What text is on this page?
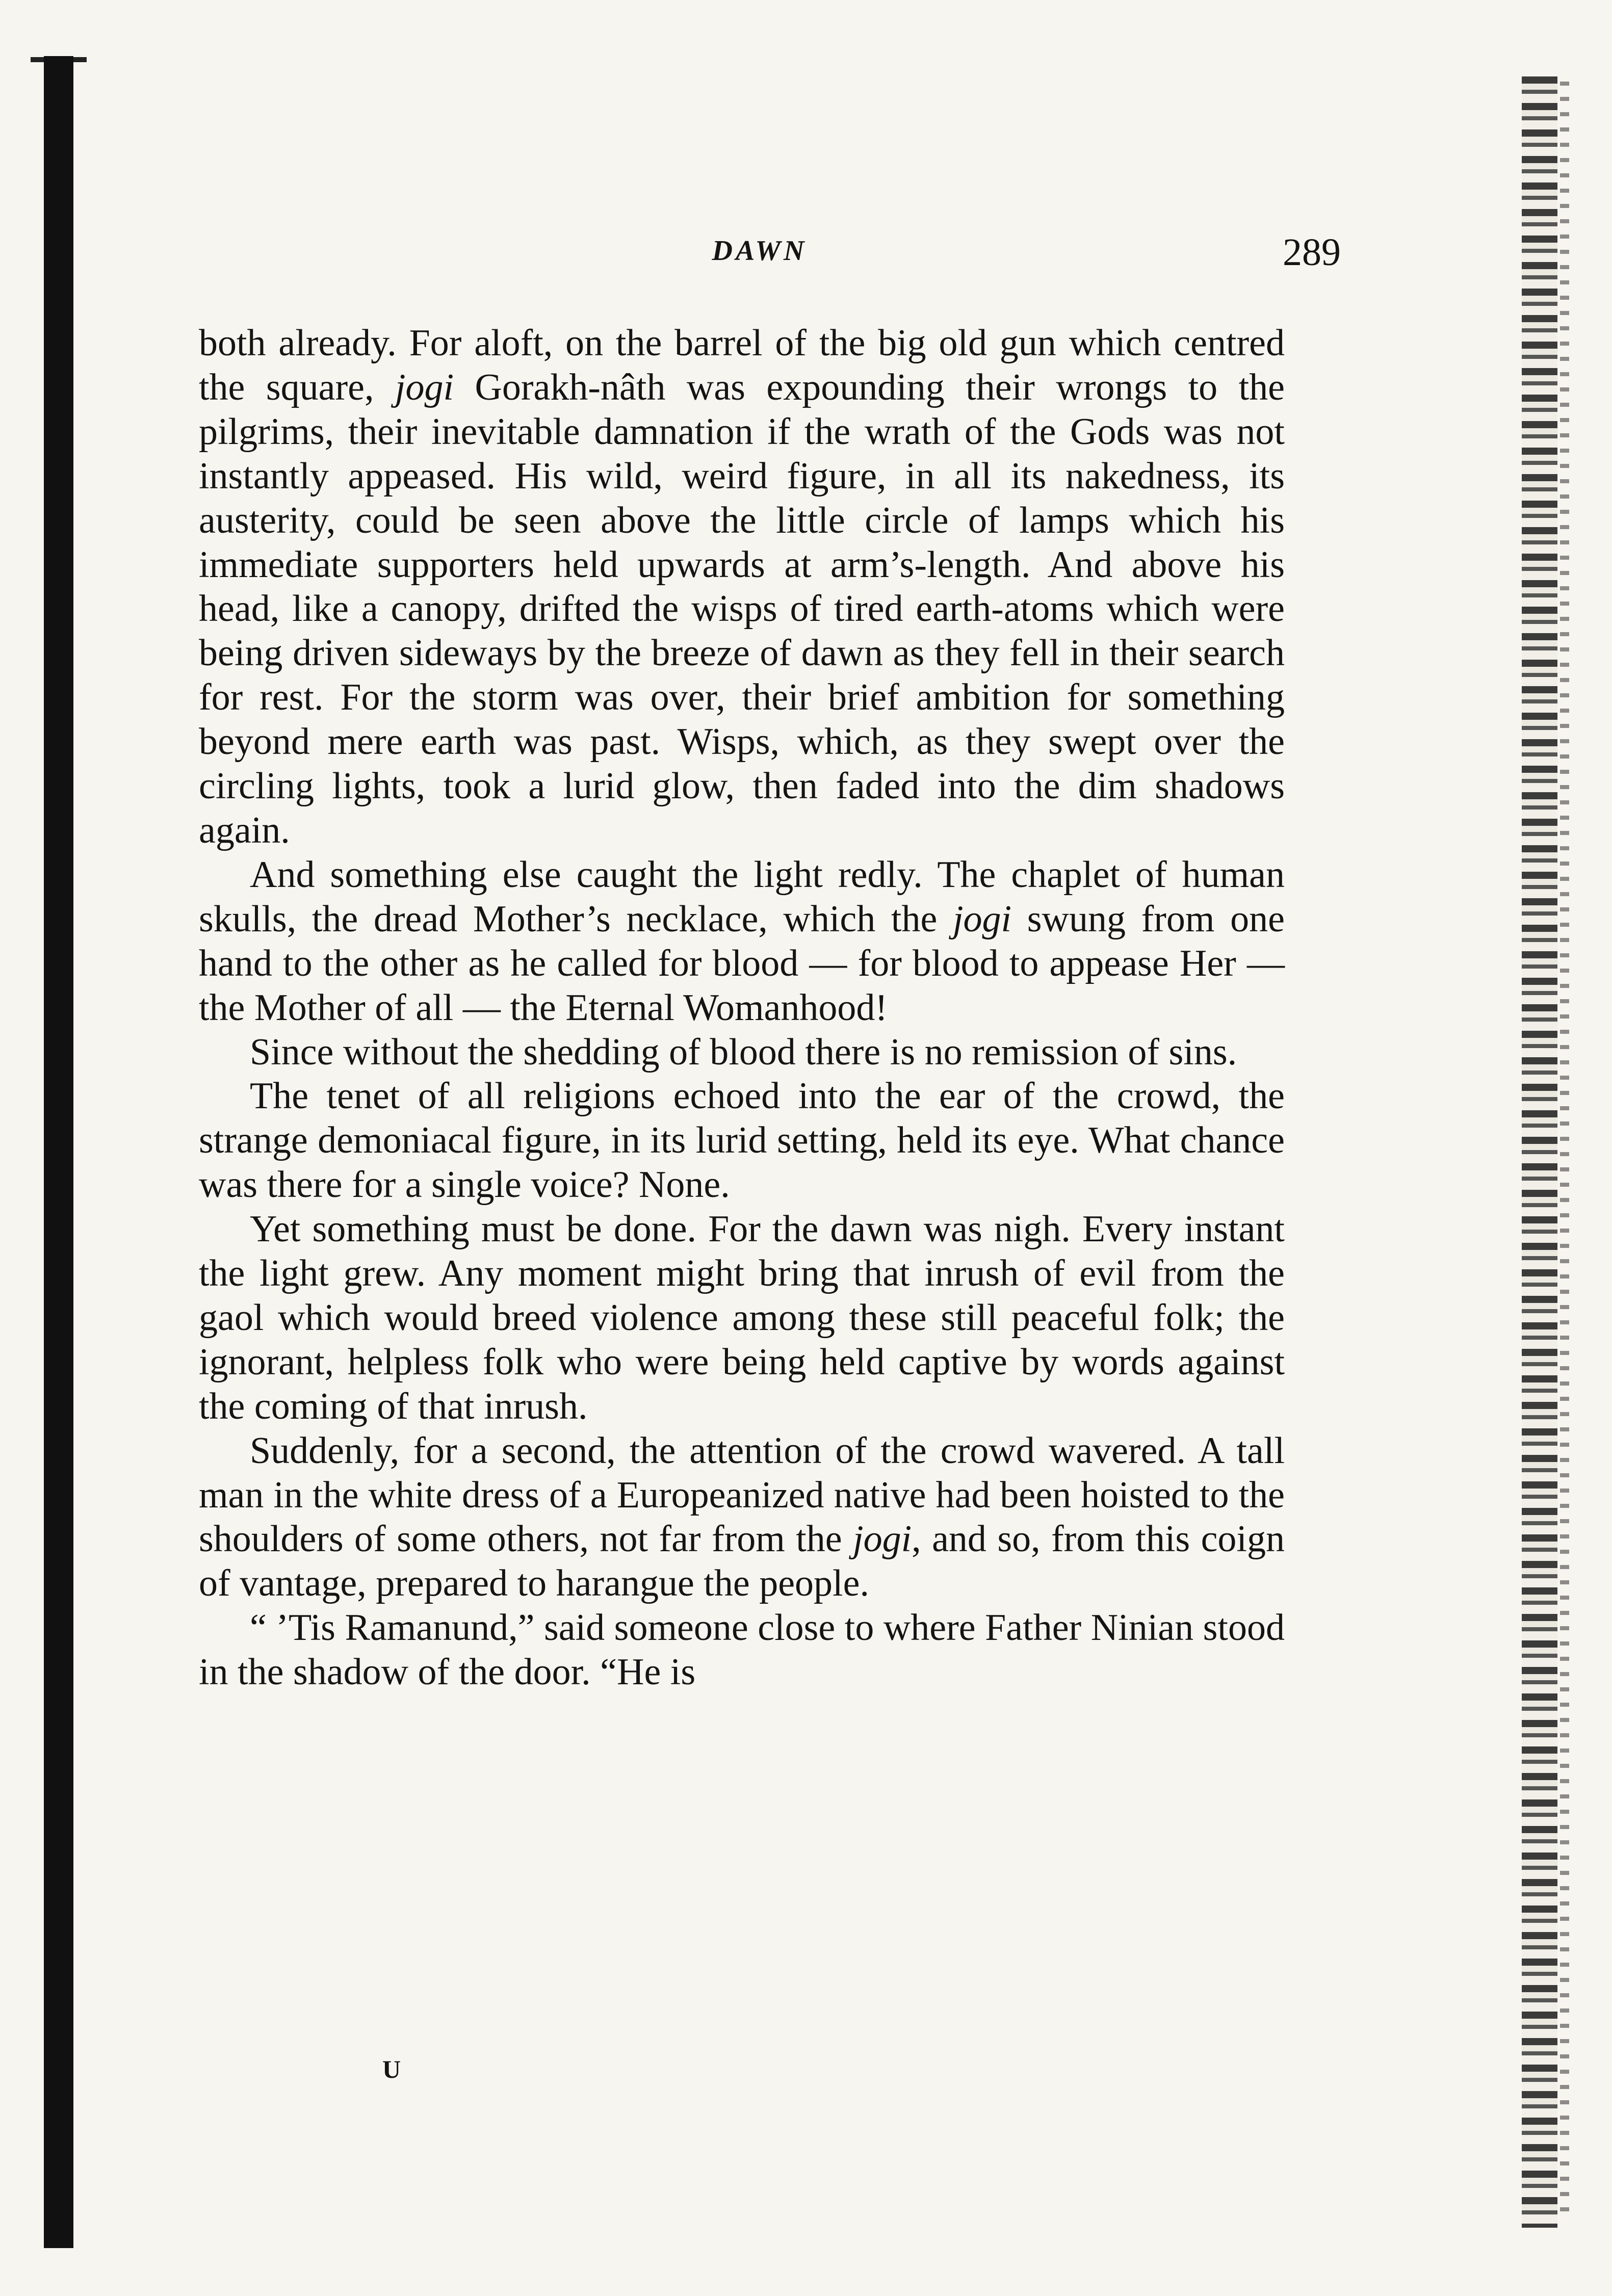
DAWN	289

both already. For aloft, on the barrel of the big old gun which centred the square, jogi Gorakh-nâth was expounding their wrongs to the pilgrims, their inevitable damnation if the wrath of the Gods was not instantly appeased. His wild, weird figure, in all its nakedness, its austerity, could be seen above the little circle of lamps which his immediate supporters held upwards at arm’s-length. And above his head, like a canopy, drifted the wisps of tired earth-atoms which were being driven sideways by the breeze of dawn as they fell in their search for rest. For the storm was over, their brief ambition for something beyond mere earth was past. Wisps, which, as they swept over the circling lights, took a lurid glow, then faded into the dim shadows again.

And something else caught the light redly. The chaplet of human skulls, the dread Mother’s necklace, which the jogi swung from one hand to the other as he called for blood — for blood to appease Her — the Mother of all — the Eternal Womanhood!

Since without the shedding of blood there is no remission of sins.

The tenet of all religions echoed into the ear of the crowd, the strange demoniacal figure, in its lurid setting, held its eye. What chance was there for a single voice? None.

Yet something must be done. For the dawn was nigh. Every instant the light grew. Any moment might bring that inrush of evil from the gaol which would breed violence among these still peaceful folk; the ignorant, helpless folk who were being held captive by words against the coming of that inrush.

Suddenly, for a second, the attention of the crowd wavered. A tall man in the white dress of a Europeanized native had been hoisted to the shoulders of some others, not far from the jogi, and so, from this coign of vantage, prepared to harangue the people.

“ ’Tis Ramanund,” said someone close to where Father Ninian stood in the shadow of the door. “He is

U
